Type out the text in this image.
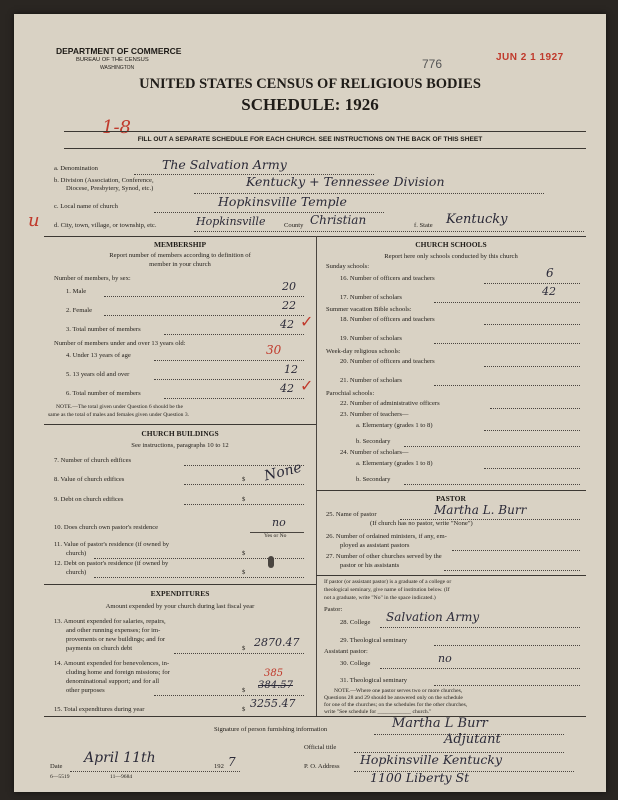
DEPARTMENT OF COMMERCE
BUREAU OF THE CENSUS
WASHINGTON
JUN 2 1 1927
776
UNITED STATES CENSUS OF RELIGIOUS BODIES
SCHEDULE: 1926
1-8
FILL OUT A SEPARATE SCHEDULE FOR EACH CHURCH. SEE INSTRUCTIONS ON THE BACK OF THIS SHEET
a. Denomination	The Salvation Army
b. Division (Association, Conference,
Diocese, Presbytery, Synod, etc.)	Kentucky + Tennessee Division
c. Local name of church	Hopkinsville Temple
u d. City, town, village, or township, etc.	Hopkinsville	County Christian	f. State Kentucky
MEMBERSHIP
Report number of members according to definition of
member in your church
Number of members, by sex:
1. Male	20
2. Female	22
3. Total number of members	42 ✓
Number of members under and over 13 years old:
4. Under 13 years of age	30
5. 13 years old and over	12
6. Total number of members	42 ✓
NOTE.—The total given under Question 6 should be the
same as the total of males and females given under Question 3.
CHURCH BUILDINGS
See instructions, paragraphs 10 to 12
7. Number of church edifices
8. Value of church edifices	$ None
9. Debt on church edifices	$
10. Does church own pastor's residence	no
Yes or No
11. Value of pastor's residence (if owned by
church)	$
12. Debt on pastor's residence (if owned by
church)	$
EXPENDITURES
Amount expended by your church during last fiscal year
13. Amount expended for salaries, repairs,
and other running expenses; for im-
provements or new buildings; and for
payments on church debt	$ 2870.47
14. Amount expended for benevolences, in-
cluding home and foreign missions; for
denominational support; and for all
other purposes	$
385
384.57
15. Total expenditures during year	$ 3255.47
CHURCH SCHOOLS
Report here only schools conducted by this church
Sunday schools:
16. Number of officers and teachers	6
17. Number of scholars	42
Summer vacation Bible schools:
18. Number of officers and teachers
19. Number of scholars
Week-day religious schools:
20. Number of officers and teachers
21. Number of scholars
Parochial schools:
22. Number of administrative officers
23. Number of teachers—
a. Elementary (grades 1 to 8)
b. Secondary
24. Number of scholars—
a. Elementary (grades 1 to 8)
b. Secondary
PASTOR
25. Name of pastor	Martha L. Burr
(If church has no pastor, write "None")
26. Number of ordained ministers, if any, em-
ployed as assistant pastors
27. Number of other churches served by the
pastor or his assistants
If pastor (or assistant pastor) is a graduate of a college or
theological seminary, give name of institution below. (If
not a graduate, write "No" in the space indicated.)
Pastor:
28. College Salvation Army
29. Theological seminary
Assistant pastor:
30. College	no
31. Theological seminary
NOTE.—Where one pastor serves two or more churches,
Questions 28 and 29 should be answered only on the schedule
for one of the churches; on the schedules for the other churches,
write "See schedule for ____________ church."
Signature of person furnishing information	Martha L Burr
Official title
Adjutant
Date
April 11th
192 7	P. O. Address Hopkinsville Kentucky
1100 Liberty St
6—5519	11—9684
